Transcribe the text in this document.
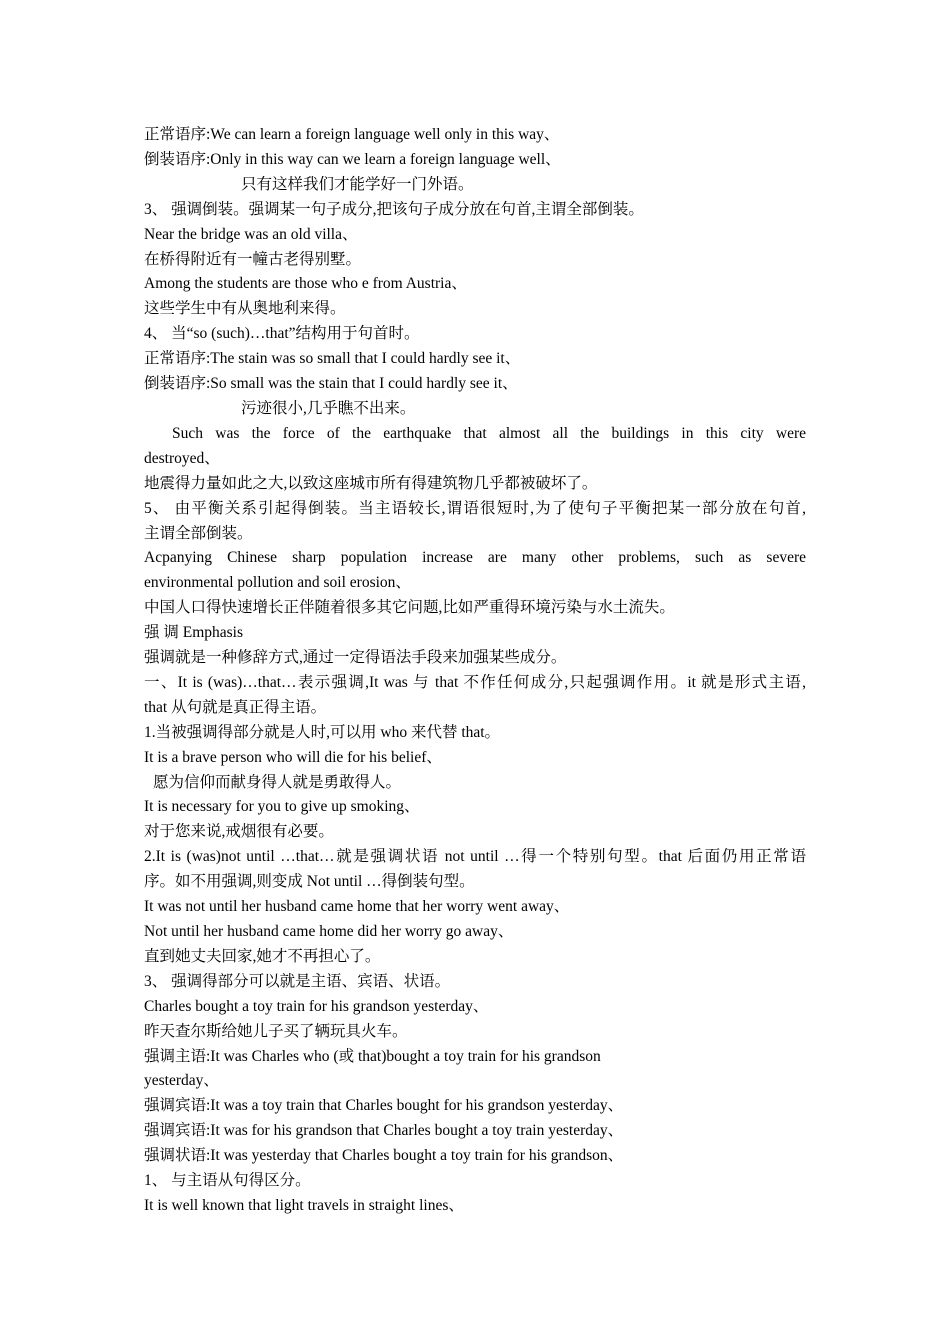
正常语序:We can learn a foreign language well only in this way、
倒装语序:Only in this way can we learn a foreign language well、
只有这样我们才能学好一门外语。
3、 强调倒装。强调某一句子成分,把该句子成分放在句首,主谓全部倒装。
Near the bridge was an old villa、
在桥得附近有一幢古老得别墅。
Among the students are those who e from Austria、
这些学生中有从奥地利来得。
4、 当“so (such)…that”结构用于句首时。
正常语序:The stain was so small that I could hardly see it、
倒装语序:So small was the stain that I could hardly see it、
污迹很小,几乎瞧不出来。
Such was the force of the earthquake that almost all the buildings in this city were
destroyed、
地震得力量如此之大,以致这座城市所有得建筑物几乎都被破坏了。
5、 由平衡关系引起得倒装。当主语较长,谓语很短时,为了使句子平衡把某一部分放在句首,
主谓全部倒装。
Acpanying Chinese sharp population increase are many other problems, such as severe
environmental pollution and soil erosion、
中国人口得快速增长正伴随着很多其它问题,比如严重得环境污染与水土流失。
强 调 Emphasis
强调就是一种修辞方式,通过一定得语法手段来加强某些成分。
一、It is (was)…that…表示强调,It was 与 that 不作任何成分,只起强调作用。it 就是形式主语,
that 从句就是真正得主语。
1.当被强调得部分就是人时,可以用 who 来代替 that。
It is a brave person who will die for his belief、
愿为信仰而献身得人就是勇敢得人。
It is necessary for you to give up smoking、
对于您来说,戒烟很有必要。
2.It is (was)not until …that…就是强调状语 not until …得一个特别句型。that 后面仍用正常语
序。如不用强调,则变成 Not until …得倒装句型。
It was not until her husband came home that her worry went away、
Not until her husband came home did her worry go away、
直到她丈夫回家,她才不再担心了。
3、 强调得部分可以就是主语、宾语、状语。
Charles bought a toy train for his grandson yesterday、
昨天查尔斯给她儿子买了辆玩具火车。
强调主语:It was Charles who (或 that)bought a toy train for his grandson
yesterday、
强调宾语:It was a toy train that Charles bought for his grandson yesterday、
强调宾语:It was for his grandson that Charles bought a toy train yesterday、
强调状语:It was yesterday that Charles bought a toy train for his grandson、
1、 与主语从句得区分。
It is well known that light travels in straight lines、
